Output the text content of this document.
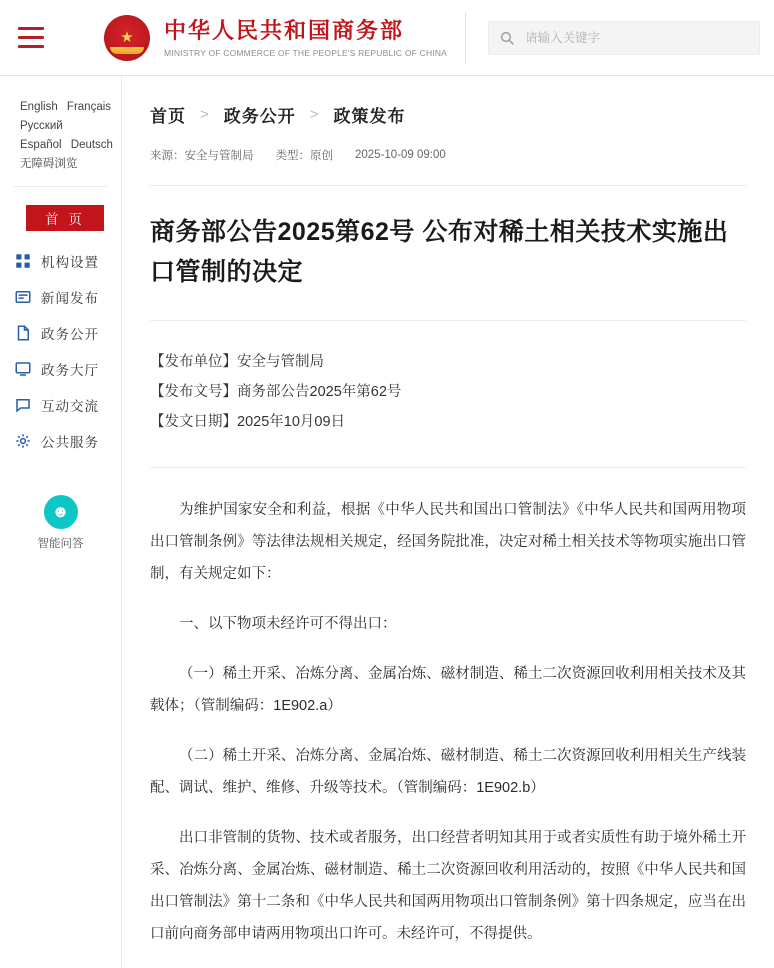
★ 中华人民共和国商务部
MINISTRY OF COMMERCE OF THE PEOPLE'S REPUBLIC OF CHINA
请输入关键字
English Français
Русский
Español Deutsch
无障碍浏览
首 页
机构设置
新闻发布
政务公开
政务大厅
互动交流
公共服务
☻
智能问答
首页 > 政务公开 > 政策发布
来源：安全与管制局 类型：原创 2025-10-09 09:00
商务部公告2025第62号 公布对稀土相关技术实施出口管制的决定
【发布单位】安全与管制局
【发布文号】商务部公告2025年第62号
【发文日期】2025年10月09日

为维护国家安全和利益，根据《中华人民共和国出口管制法》《中华人民共和国两用物项出口管制条例》等法律法规相关规定，经国务院批准，决定对稀土相关技术等物项实施出口管制，有关规定如下：

一、以下物项未经许可不得出口：

（一）稀土开采、冶炼分离、金属冶炼、磁材制造、稀土二次资源回收利用相关技术及其载体；（管制编码：1E902.a）

（二）稀土开采、冶炼分离、金属冶炼、磁材制造、稀土二次资源回收利用相关生产线装配、调试、维护、维修、升级等技术。（管制编码：1E902.b）

出口非管制的货物、技术或者服务，出口经营者明知其用于或者实质性有助于境外稀土开采、冶炼分离、金属冶炼、磁材制造、稀土二次资源回收利用活动的，按照《中华人民共和国出口管制法》第十二条和《中华人民共和国两用物项出口管制条例》第十四条规定，应当在出口前向商务部申请两用物项出口许可。未经许可，不得提供。
